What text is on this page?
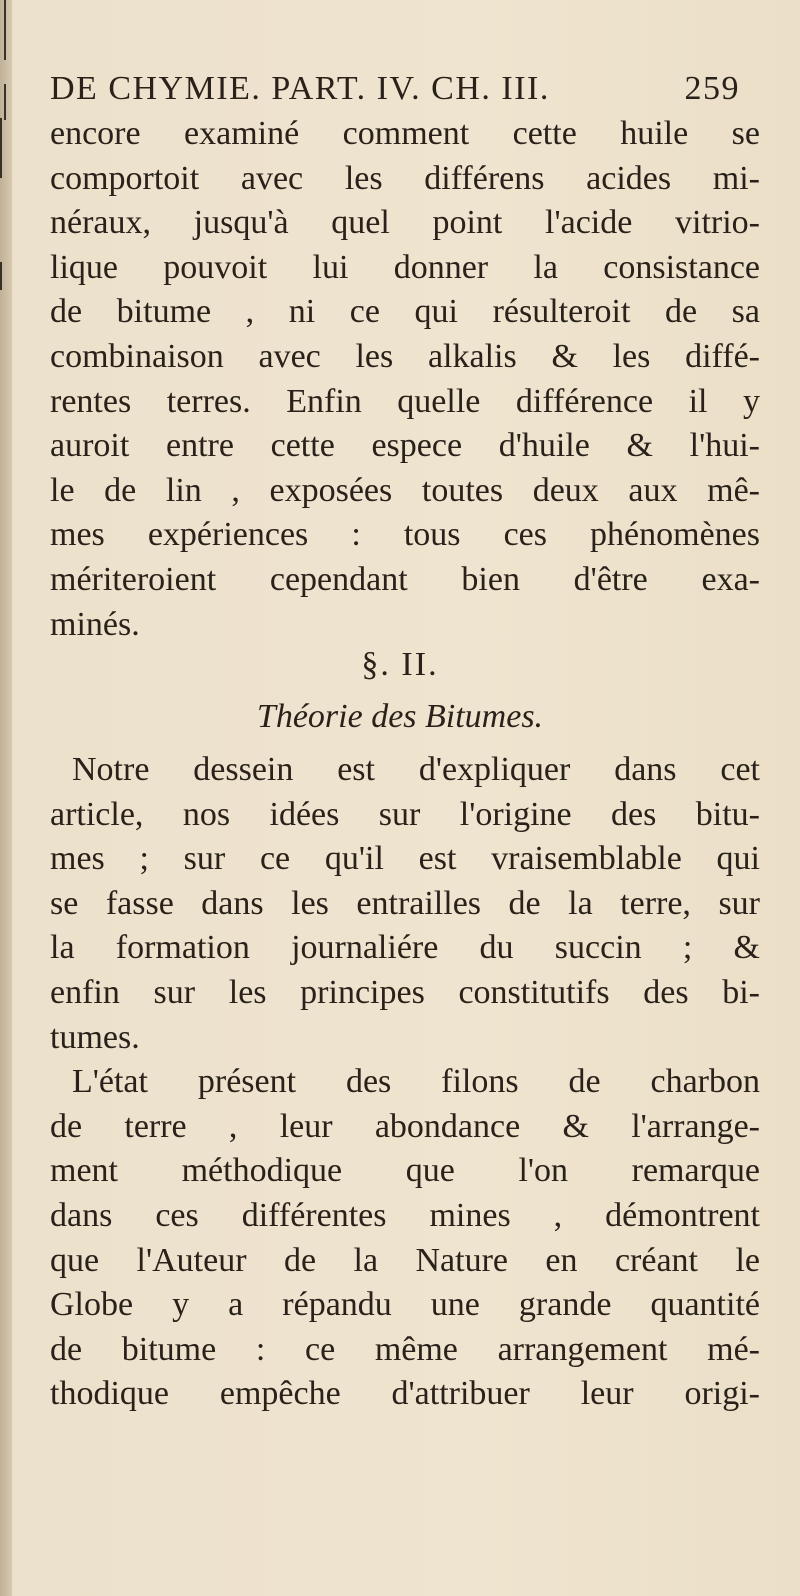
DE CHYMIE. PART. IV. CH. III.	259
encore examiné comment cette huile se
comportoit avec les différens acides mi-
néraux, jusqu'à quel point l'acide vitrio-
lique pouvoit lui donner la consistance
de bitume , ni ce qui résulteroit de sa
combinaison avec les alkalis & les diffé-
rentes terres. Enfin quelle différence il y
auroit entre cette espece d'huile & l'hui-
le de lin , exposées toutes deux aux mê-
mes expériences : tous ces phénomènes
mériteroient cependant bien d'être exa-
minés.
§. II.
Théorie des Bitumes.
Notre dessein est d'expliquer dans cet
article, nos idées sur l'origine des bitu-
mes ; sur ce qu'il est vraisemblable qui
se fasse dans les entrailles de la terre, sur
la formation journaliére du succin ; &
enfin sur les principes constitutifs des bi-
tumes.
L'état présent des filons de charbon
de terre , leur abondance & l'arrange-
ment méthodique que l'on remarque
dans ces différentes mines , démontrent
que l'Auteur de la Nature en créant le
Globe y a répandu une grande quantité
de bitume : ce même arrangement mé-
thodique empêche d'attribuer leur origi-
